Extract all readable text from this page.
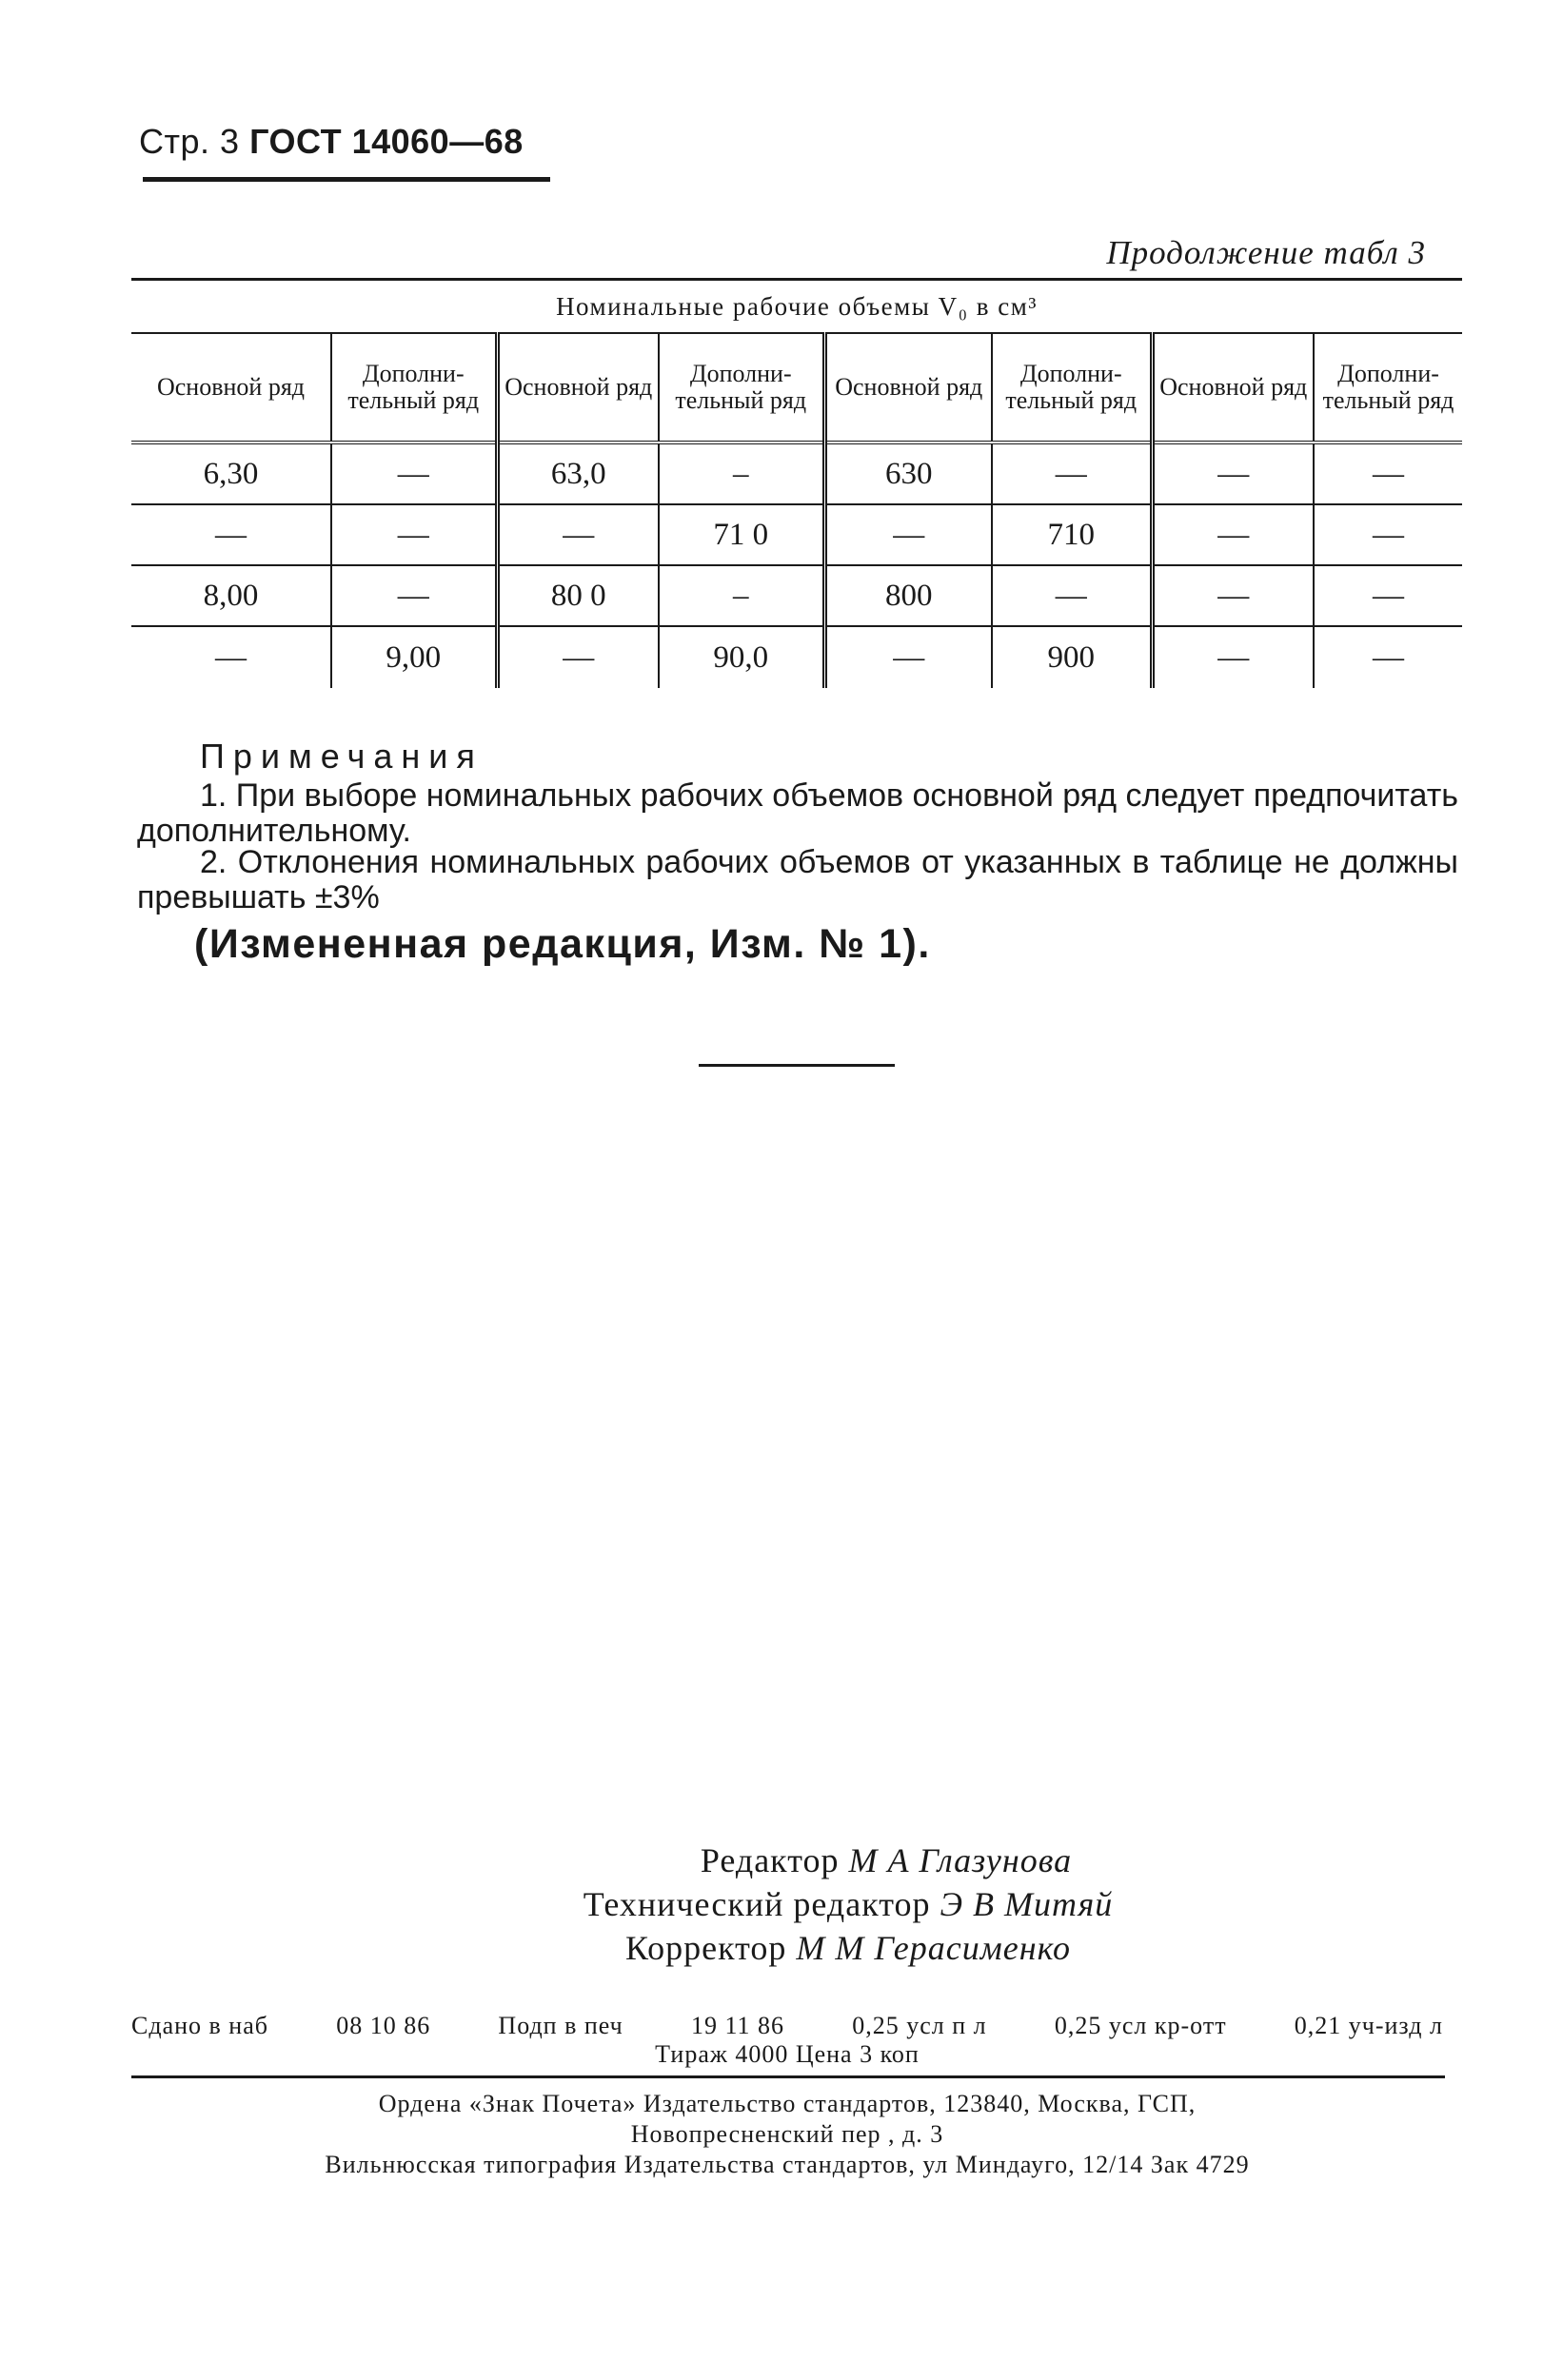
Стр. 3 ГОСТ 14060—68
Продолжение табл 3
Номинальные рабочие объемы V₀ в см³							
Основной ряд	Дополни-тельный ряд	Основной ряд	Дополни-тельный ряд	Основной ряд	Дополни-тельный ряд	Основной ряд	Дополни-тельный ряд
6,30	—	63,0	–	630	—	—	—
—	—	—	71 0	—	710	—	—
8,00	—	80 0	–	800	—	—	—
—	9,00	—	90,0	—	900	—	—
Примечания
1. При выборе номинальных рабочих объемов основной ряд следует предпочитать дополнительному.
2. Отклонения номинальных рабочих объемов от указанных в таблице не должны превышать ±3%
(Измененная редакция, Изм. № 1).
Редактор М А Глазунова
Технический редактор Э В Митяй
Корректор М М Герасименко
Сдано в наб	08 10 86	Подп в печ	19 11 86	0,25 усл п л	0,25 усл кр-отт	0,21 уч-изд л
Тираж 4000 Цена 3 коп
Ордена «Знак Почета» Издательство стандартов, 123840, Москва, ГСП,
Новопресненский пер , д. 3
Вильнюсская типография Издательства стандартов, ул Миндауго, 12/14 Зак 4729
